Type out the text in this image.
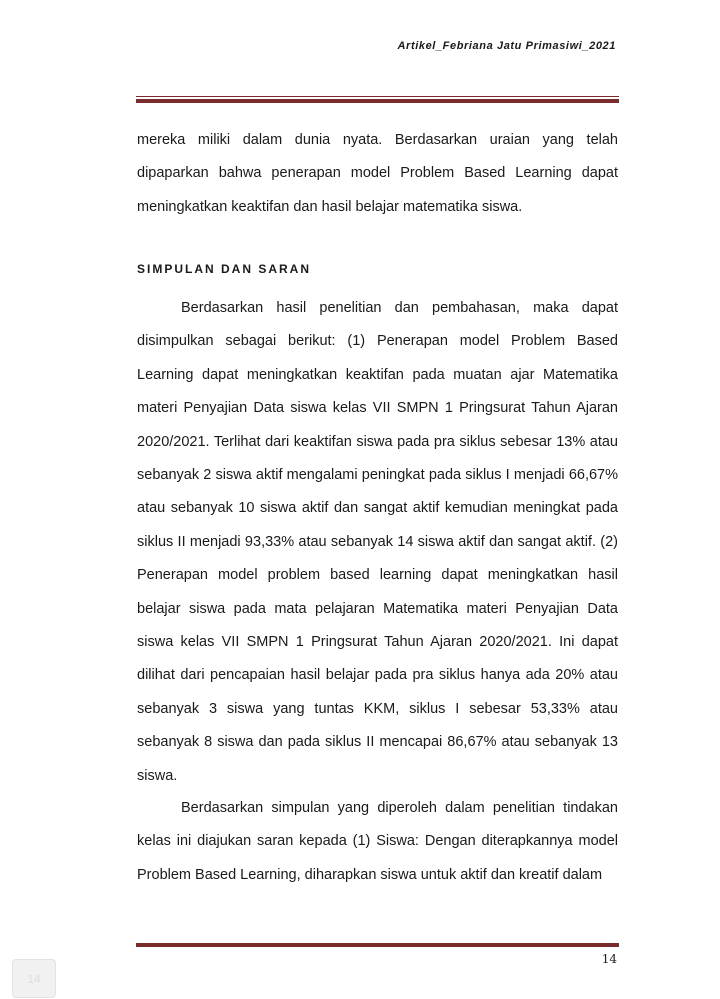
Artikel_Febriana Jatu Primasiwi_2021

mereka miliki dalam dunia nyata. Berdasarkan uraian yang telah dipaparkan bahwa penerapan model Problem Based Learning dapat meningkatkan keaktifan dan hasil belajar matematika siswa.

SIMPULAN DAN SARAN

Berdasarkan hasil penelitian dan pembahasan, maka dapat disimpulkan sebagai berikut: (1) Penerapan model Problem Based Learning dapat meningkatkan keaktifan pada muatan ajar Matematika materi Penyajian Data siswa kelas VII SMPN 1 Pringsurat Tahun Ajaran 2020/2021. Terlihat dari keaktifan siswa pada pra siklus sebesar 13% atau sebanyak 2 siswa aktif mengalami peningkat pada siklus I menjadi 66,67% atau sebanyak 10 siswa aktif dan sangat aktif kemudian meningkat pada siklus II menjadi 93,33% atau sebanyak 14 siswa aktif dan sangat aktif. (2) Penerapan model problem based learning dapat meningkatkan hasil belajar siswa pada mata pelajaran Matematika materi Penyajian Data siswa kelas VII SMPN 1 Pringsurat Tahun Ajaran 2020/2021. Ini dapat dilihat dari pencapaian hasil belajar pada pra siklus hanya ada 20% atau sebanyak 3 siswa yang tuntas KKM, siklus I sebesar 53,33% atau sebanyak 8 siswa dan pada siklus II mencapai 86,67% atau sebanyak 13 siswa.

Berdasarkan simpulan yang diperoleh dalam penelitian tindakan kelas ini diajukan saran kepada (1) Siswa: Dengan diterapkannya model Problem Based Learning, diharapkan siswa untuk aktif dan kreatif dalam

14
14
